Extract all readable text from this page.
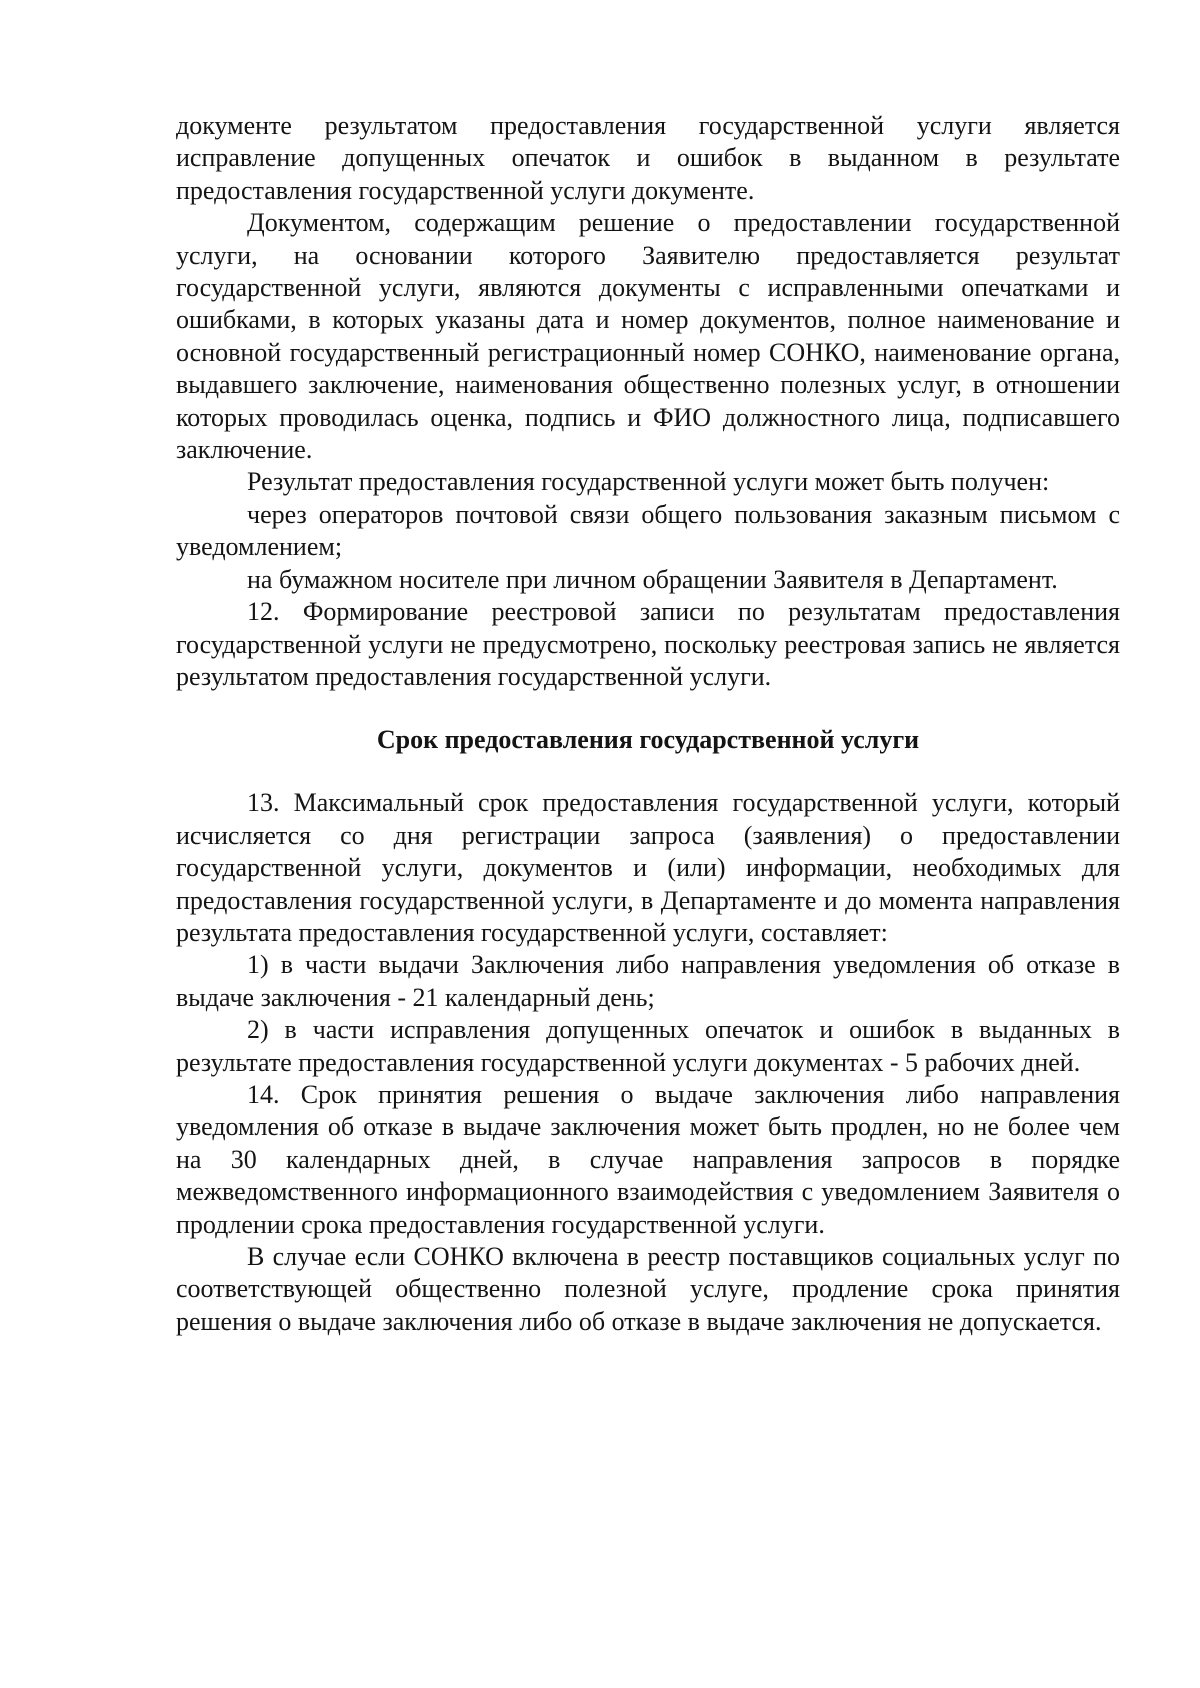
документе результатом предоставления государственной услуги является исправление допущенных опечаток и ошибок в выданном в результате предоставления государственной услуги документе.

Документом, содержащим решение о предоставлении государственной услуги, на основании которого Заявителю предоставляется результат государственной услуги, являются документы с исправленными опечатками и ошибками, в которых указаны дата и номер документов, полное наименование и основной государственный регистрационный номер СОНКО, наименование органа, выдавшего заключение, наименования общественно полезных услуг, в отношении которых проводилась оценка, подпись и ФИО должностного лица, подписавшего заключение.

Результат предоставления государственной услуги может быть получен:

через операторов почтовой связи общего пользования заказным письмом с уведомлением;

на бумажном носителе при личном обращении Заявителя в Департамент.

12. Формирование реестровой записи по результатам предоставления государственной услуги не предусмотрено, поскольку реестровая запись не является результатом предоставления государственной услуги.

Срок предоставления государственной услуги

13. Максимальный срок предоставления государственной услуги, который исчисляется со дня регистрации запроса (заявления) о предоставлении государственной услуги, документов и (или) информации, необходимых для предоставления государственной услуги, в Департаменте и до момента направления результата предоставления государственной услуги, составляет:

1) в части выдачи Заключения либо направления уведомления об отказе в выдаче заключения - 21 календарный день;

2) в части исправления допущенных опечаток и ошибок в выданных в результате предоставления государственной услуги документах - 5 рабочих дней.

14. Срок принятия решения о выдаче заключения либо направления уведомления об отказе в выдаче заключения может быть продлен, но не более чем на 30 календарных дней, в случае направления запросов в порядке межведомственного информационного взаимодействия с уведомлением Заявителя о продлении срока предоставления государственной услуги.

В случае если СОНКО включена в реестр поставщиков социальных услуг по соответствующей общественно полезной услуге, продление срока принятия решения о выдаче заключения либо об отказе в выдаче заключения не допускается.
